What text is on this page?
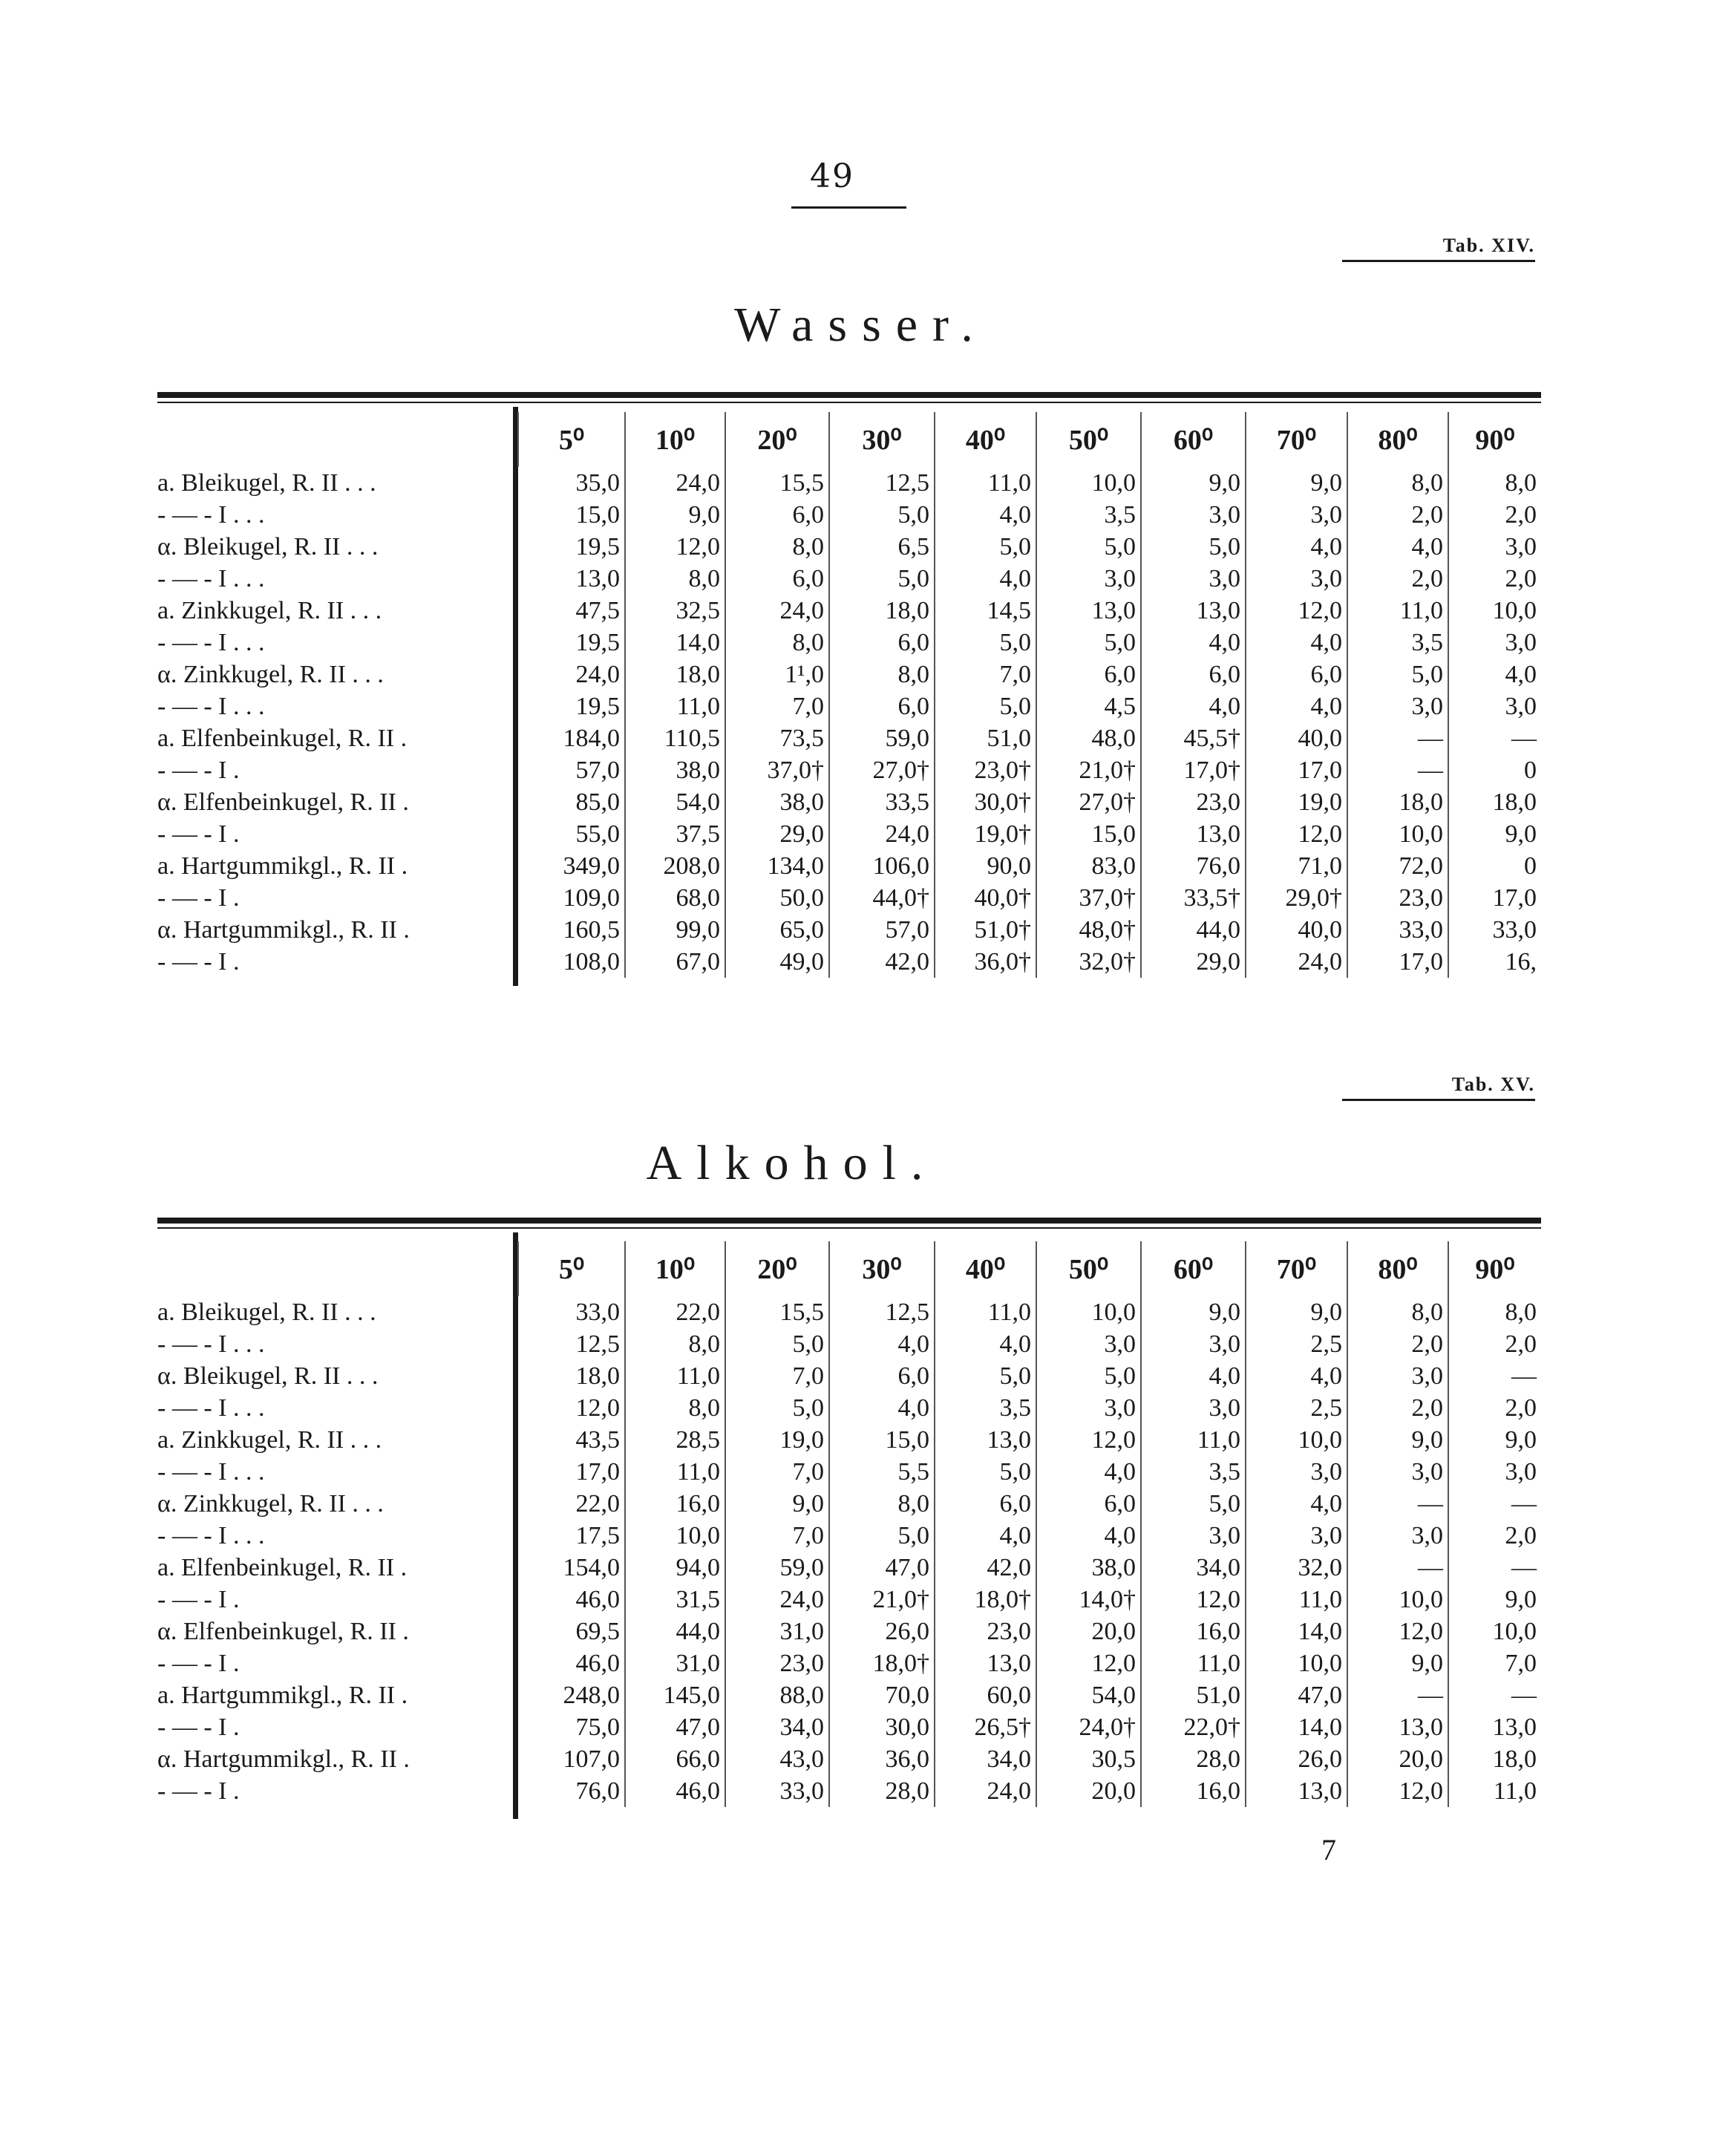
49
Tab. XIV.
Wasser.
	5⁰	10⁰	20⁰	30⁰	40⁰	50⁰	60⁰	70⁰	80⁰	90⁰
a. Bleikugel, R. II . . .	35,0	24,0	15,5	12,5	11,0	10,0	9,0	9,0	8,0	8,0
- — - I . . .	15,0	9,0	6,0	5,0	4,0	3,5	3,0	3,0	2,0	2,0
α. Bleikugel, R. II . . .	19,5	12,0	8,0	6,5	5,0	5,0	5,0	4,0	4,0	3,0
- — - I . . .	13,0	8,0	6,0	5,0	4,0	3,0	3,0	3,0	2,0	2,0
a. Zinkkugel, R. II . . .	47,5	32,5	24,0	18,0	14,5	13,0	13,0	12,0	11,0	10,0
- — - I . . .	19,5	14,0	8,0	6,0	5,0	5,0	4,0	4,0	3,5	3,0
α. Zinkkugel, R. II . . .	24,0	18,0	1¹,0	8,0	7,0	6,0	6,0	6,0	5,0	4,0
- — - I . . .	19,5	11,0	7,0	6,0	5,0	4,5	4,0	4,0	3,0	3,0
a. Elfenbeinkugel, R. II .	184,0	110,5	73,5	59,0	51,0	48,0	45,5†	40,0	—	—
- — - I .	57,0	38,0	37,0†	27,0†	23,0†	21,0†	17,0†	17,0	—	0
α. Elfenbeinkugel, R. II .	85,0	54,0	38,0	33,5	30,0†	27,0†	23,0	19,0	18,0	18,0
- — - I .	55,0	37,5	29,0	24,0	19,0†	15,0	13,0	12,0	10,0	9,0
a. Hartgummikgl., R. II .	349,0	208,0	134,0	106,0	90,0	83,0	76,0	71,0	72,0	0
- — - I .	109,0	68,0	50,0	44,0†	40,0†	37,0†	33,5†	29,0†	23,0	17,0
α. Hartgummikgl., R. II .	160,5	99,0	65,0	57,0	51,0†	48,0†	44,0	40,0	33,0	33,0
- — - I .	108,0	67,0	49,0	42,0	36,0†	32,0†	29,0	24,0	17,0	16,
Tab. XV.
Alkohol.
	5⁰	10⁰	20⁰	30⁰	40⁰	50⁰	60⁰	70⁰	80⁰	90⁰
a. Bleikugel, R. II . . .	33,0	22,0	15,5	12,5	11,0	10,0	9,0	9,0	8,0	8,0
- — - I . . .	12,5	8,0	5,0	4,0	4,0	3,0	3,0	2,5	2,0	2,0
α. Bleikugel, R. II . . .	18,0	11,0	7,0	6,0	5,0	5,0	4,0	4,0	3,0	—
- — - I . . .	12,0	8,0	5,0	4,0	3,5	3,0	3,0	2,5	2,0	2,0
a. Zinkkugel, R. II . . .	43,5	28,5	19,0	15,0	13,0	12,0	11,0	10,0	9,0	9,0
- — - I . . .	17,0	11,0	7,0	5,5	5,0	4,0	3,5	3,0	3,0	3,0
α. Zinkkugel, R. II . . .	22,0	16,0	9,0	8,0	6,0	6,0	5,0	4,0	—	—
- — - I . . .	17,5	10,0	7,0	5,0	4,0	4,0	3,0	3,0	3,0	2,0
a. Elfenbeinkugel, R. II .	154,0	94,0	59,0	47,0	42,0	38,0	34,0	32,0	—	—
- — - I .	46,0	31,5	24,0	21,0†	18,0†	14,0†	12,0	11,0	10,0	9,0
α. Elfenbeinkugel, R. II .	69,5	44,0	31,0	26,0	23,0	20,0	16,0	14,0	12,0	10,0
- — - I .	46,0	31,0	23,0	18,0†	13,0	12,0	11,0	10,0	9,0	7,0
a. Hartgummikgl., R. II .	248,0	145,0	88,0	70,0	60,0	54,0	51,0	47,0	—	—
- — - I .	75,0	47,0	34,0	30,0	26,5†	24,0†	22,0†	14,0	13,0	13,0
α. Hartgummikgl., R. II .	107,0	66,0	43,0	36,0	34,0	30,5	28,0	26,0	20,0	18,0
- — - I .	76,0	46,0	33,0	28,0	24,0	20,0	16,0	13,0	12,0	11,0
7
